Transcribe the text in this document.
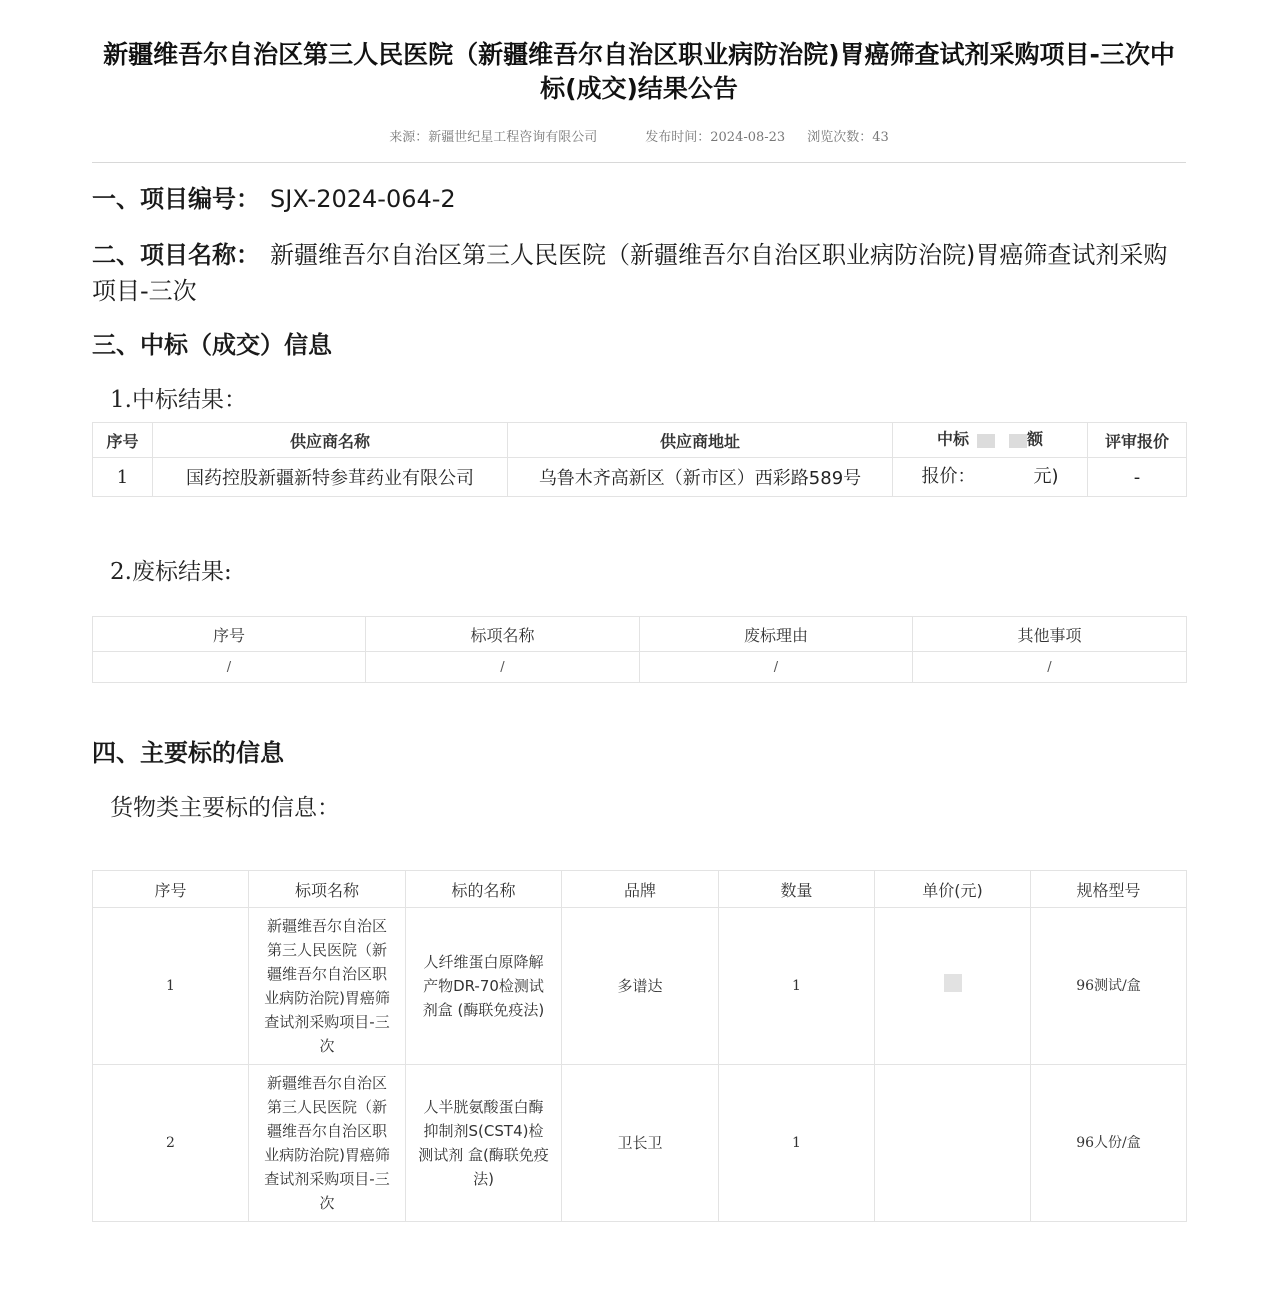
新疆维吾尔自治区第三人民医院（新疆维吾尔自治区职业病防治院)胃癌筛查试剂采购项目-三次中标(成交)结果公告
来源：新疆世纪星工程咨询有限公司	发布时间：2024-08-23 浏览次数：43
一、项目编号： SJX-2024-064-2
二、项目名称： 新疆维吾尔自治区第三人民医院（新疆维吾尔自治区职业病防治院)胃癌筛查试剂采购项目-三次
三、中标（成交）信息
1.中标结果：
序号	供应商名称	供应商地址	中标 额	评审报价
1	国药控股新疆新特参茸药业有限公司	乌鲁木齐高新区（新市区）西彩路589号	报价： 元)	-
2.废标结果:
序号	标项名称	废标理由	其他事项
/	/	/	/
四、主要标的信息
货物类主要标的信息：
序号	标项名称	标的名称	品牌	数量	单价(元)	规格型号
1	新疆维吾尔自治区第三人民医院（新疆维吾尔自治区职业病防治院)胃癌筛查试剂采购项目-三次	人纤维蛋白原降解产物DR-70检测试剂盒 (酶联免疫法)	多谱达	1		96测试/盒
2	新疆维吾尔自治区第三人民医院（新疆维吾尔自治区职业病防治院)胃癌筛查试剂采购项目-三次	人半胱氨酸蛋白酶抑制剂S(CST4)检测试剂 盒(酶联免疫法)	卫长卫	1		96人份/盒
